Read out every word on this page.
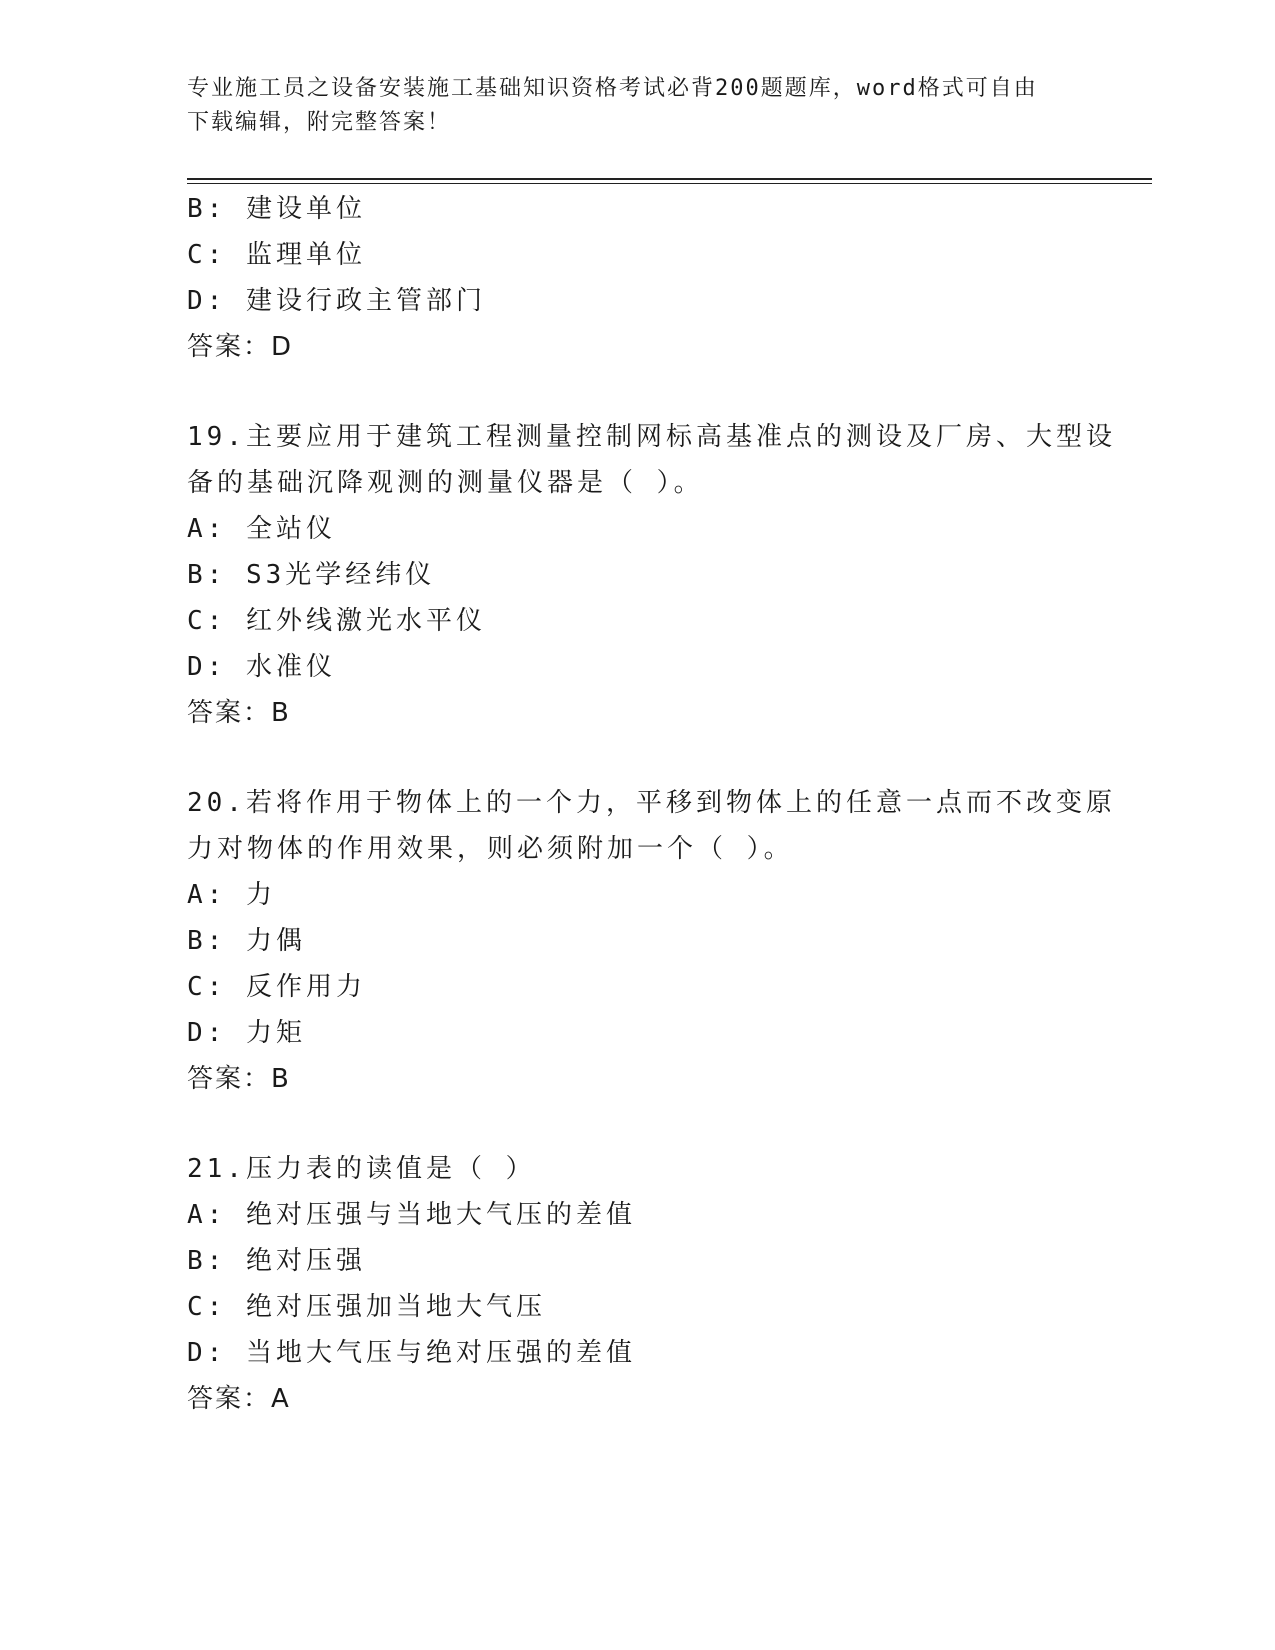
专业施工员之设备安装施工基础知识资格考试必背200题题库，word格式可自由
下载编辑，附完整答案！
B: 建设单位
C: 监理单位
D: 建设行政主管部门
答案：D
19.主要应用于建筑工程测量控制网标高基准点的测设及厂房、大型设
备的基础沉降观测的测量仪器是（ ）。
A: 全站仪
B: S3光学经纬仪
C: 红外线激光水平仪
D: 水准仪
答案：B
20.若将作用于物体上的一个力，平移到物体上的任意一点而不改变原
力对物体的作用效果，则必须附加一个（ ）。
A: 力
B: 力偶
C: 反作用力
D: 力矩
答案：B
21.压力表的读值是（ ）
A: 绝对压强与当地大气压的差值
B: 绝对压强
C: 绝对压强加当地大气压
D: 当地大气压与绝对压强的差值
答案：A
